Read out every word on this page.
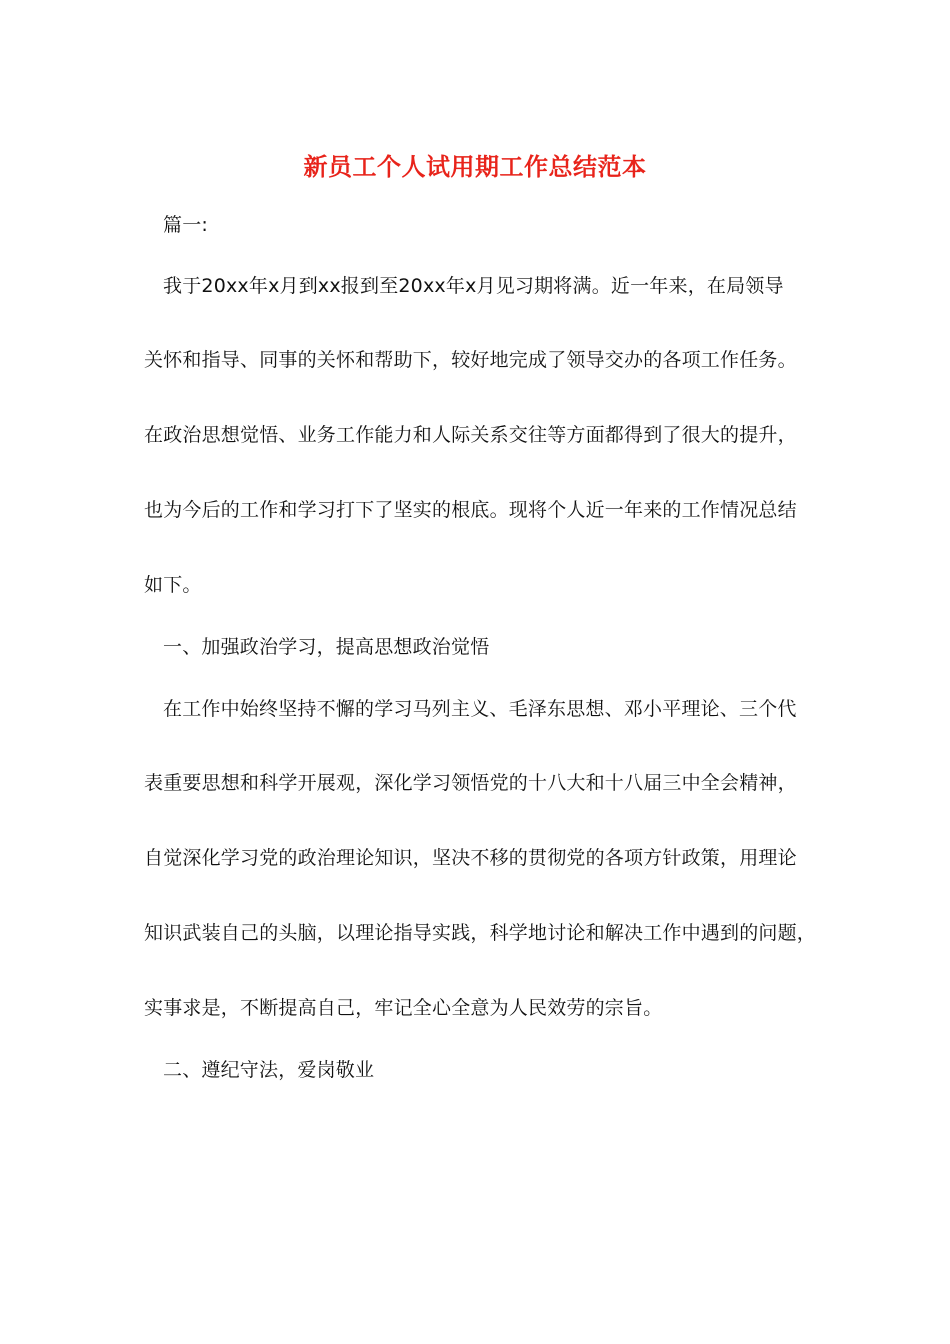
新员工个人试用期工作总结范本
篇一:
我于20xx年x月到xx报到至20xx年x月见习期将满。近一年来，在局领导
关怀和指导、同事的关怀和帮助下，较好地完成了领导交办的各项工作任务。
在政治思想觉悟、业务工作能力和人际关系交往等方面都得到了很大的提升，
也为今后的工作和学习打下了坚实的根底。现将个人近一年来的工作情况总结
如下。
一、加强政治学习，提高思想政治觉悟
在工作中始终坚持不懈的学习马列主义、毛泽东思想、邓小平理论、三个代
表重要思想和科学开展观，深化学习领悟党的十八大和十八届三中全会精神，
自觉深化学习党的政治理论知识，坚决不移的贯彻党的各项方针政策，用理论
知识武装自己的头脑，以理论指导实践，科学地讨论和解决工作中遇到的问题，
实事求是，不断提高自己，牢记全心全意为人民效劳的宗旨。
二、遵纪守法，爱岗敬业
